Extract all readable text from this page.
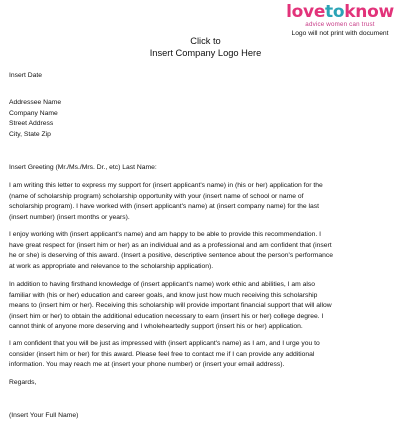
lovetoknow
advice women can trust
Logo will not print with document
Click to
Insert Company Logo Here
Insert Date
Addressee Name
Company Name
Street Address
City, State Zip
Insert Greeting (Mr./Ms./Mrs. Dr., etc) Last Name:
I am writing this letter to express my support for (insert applicant's name) in (his or her) application for the
(name of scholarship program) scholarship opportunity with your (insert name of school or name of
scholarship program). I have worked with (insert applicant's name) at (insert company name) for the last
(insert number) (insert months or years).
I enjoy working with (insert applicant's name) and am happy to be able to provide this recommendation. I
have great respect for (insert him or her) as an individual and as a professional and am confident that (insert
he or she) is deserving of this award. (Insert a positive, descriptive sentence about the person's performance
at work as appropriate and relevance to the scholarship application).
In addition to having firsthand knowledge of (insert applicant's name) work ethic and abilities, I am also
familiar with (his or her) education and career goals, and know just how much receiving this scholarship
means to (insert him or her). Receiving this scholarship will provide important financial support that will allow
(insert him or her) to obtain the additional education necessary to earn (insert his or her) college degree. I
cannot think of anyone more deserving and I wholeheartedly support (insert his or her) application.
I am confident that you will be just as impressed with (insert applicant's name) as I am, and I urge you to
consider (insert him or her) for this award. Please feel free to contact me if I can provide any additional
information. You may reach me at (insert your phone number) or (insert your email address).
Regards,
(Insert Your Full Name)
